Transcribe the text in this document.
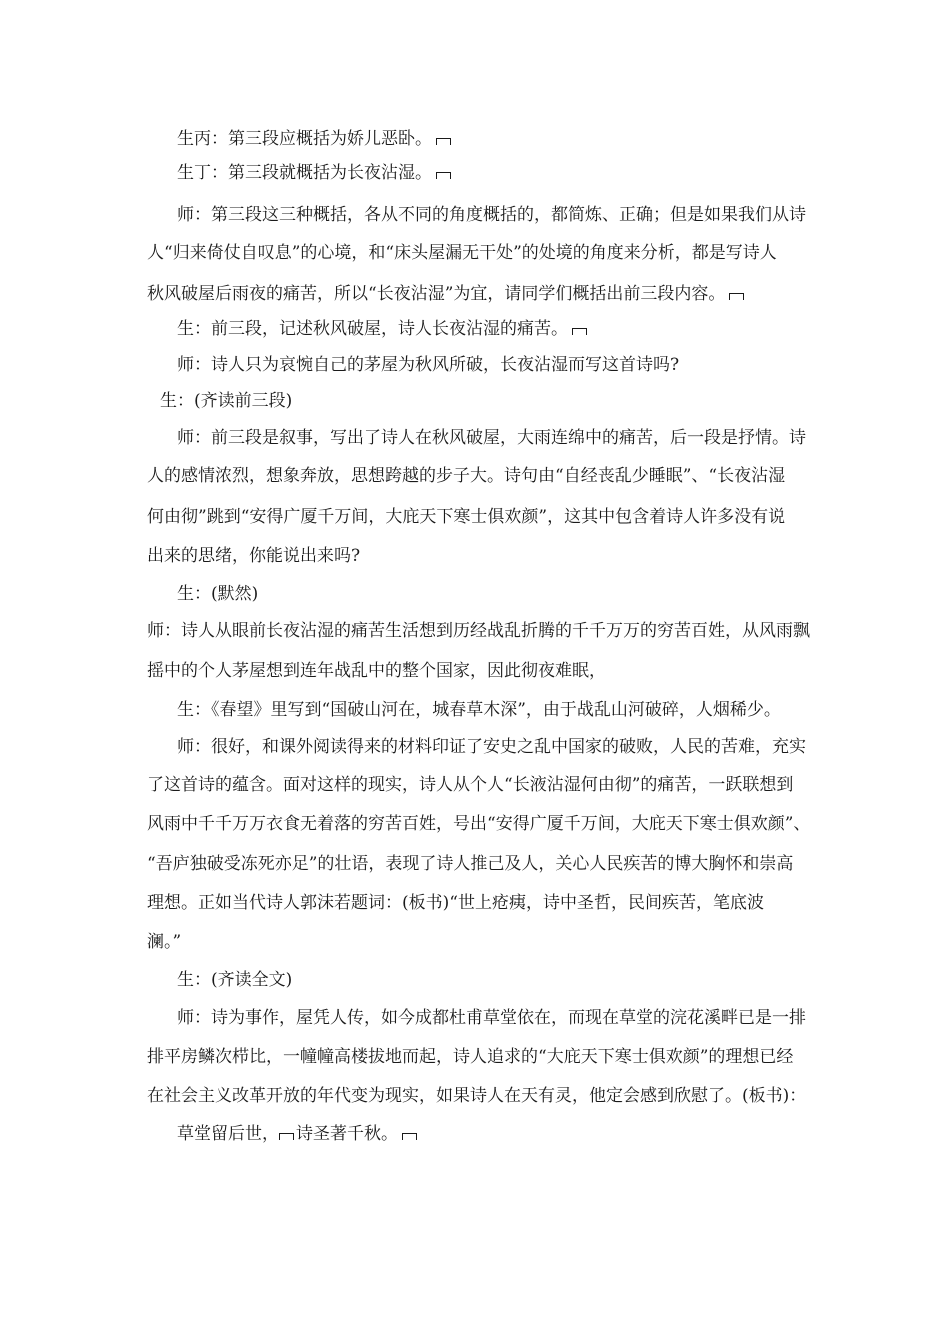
生丙：第三段应概括为娇儿恶卧。
生丁：第三段就概括为长夜沾湿。
师：第三段这三种概括，各从不同的角度概括的，都简炼、正确；但是如果我们从诗
人“归来倚仗自叹息”的心境，和“床头屋漏无干处”的处境的角度来分析，都是写诗人
秋风破屋后雨夜的痛苦，所以“长夜沾湿”为宜，请同学们概括出前三段内容。
生：前三段，记述秋风破屋，诗人长夜沾湿的痛苦。
师：诗人只为哀惋自己的茅屋为秋风所破，长夜沾湿而写这首诗吗?
生：(齐读前三段)
师：前三段是叙事，写出了诗人在秋风破屋，大雨连绵中的痛苦，后一段是抒情。诗
人的感情浓烈，想象奔放，思想跨越的步子大。诗句由“自经丧乱少睡眠”、“长夜沾湿
何由彻”跳到“安得广厦千万间，大庇天下寒士俱欢颜”，这其中包含着诗人许多没有说
出来的思绪，你能说出来吗?
生：(默然)
师：诗人从眼前长夜沾湿的痛苦生活想到历经战乱折腾的千千万万的穷苦百姓，从风雨飘
摇中的个人茅屋想到连年战乱中的整个国家，因此彻夜难眠，
生：《春望》里写到“国破山河在，城春草木深”，由于战乱山河破碎，人烟稀少。
师：很好，和课外阅读得来的材料印证了安史之乱中国家的破败，人民的苦难，充实
了这首诗的蕴含。面对这样的现实，诗人从个人“长液沾湿何由彻”的痛苦，一跃联想到
风雨中千千万万衣食无着落的穷苦百姓，号出“安得广厦千万间，大庇天下寒士俱欢颜”、
“吾庐独破受冻死亦足”的壮语，表现了诗人推己及人，关心人民疾苦的博大胸怀和崇高
理想。正如当代诗人郭沫若题词：(板书)“世上疮痍，诗中圣哲，民间疾苦，笔底波
澜。”
生：(齐读全文)
师：诗为事作，屋凭人传，如今成都杜甫草堂依在，而现在草堂的浣花溪畔已是一排
排平房鳞次栉比，一幢幢高楼拔地而起，诗人追求的“大庇天下寒士俱欢颜”的理想已经
在社会主义改革开放的年代变为现实，如果诗人在天有灵，他定会感到欣慰了。(板书)：
草堂留后世， 诗圣著千秋。
